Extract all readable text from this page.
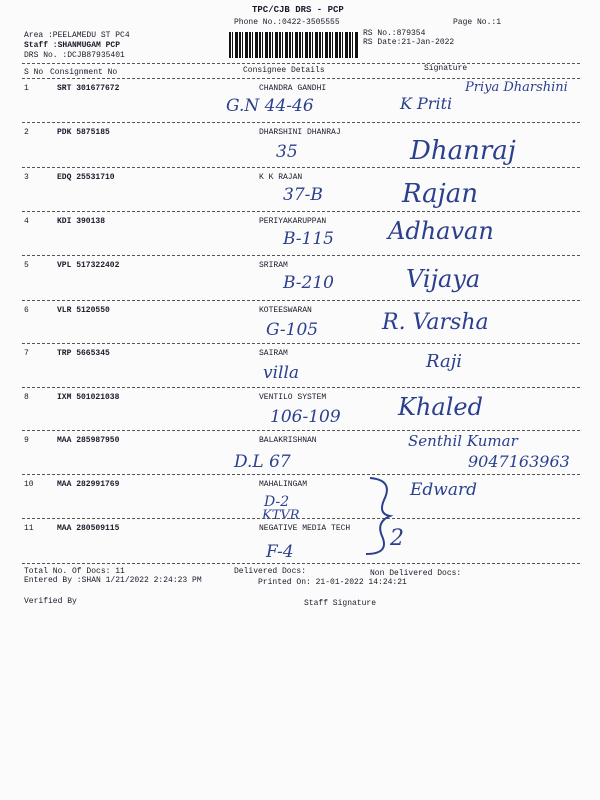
TPC/CJB DRS - PCP
Phone No.:0422-3505555	Page No.:1
RS No.:879354
RS Date:21-Jan-2022
Area :PEELAMEDU ST PC4
Staff :SHANMUGAM PCP
DRS No. :DCJB87935401
S No Consignment No	Consignee Details	Signature
1	SRT 301677672	CHANDRA GANDHI
G.N 44-46	K Priti
Priya Dharshini
2	PDK 5875185	DHARSHINI DHANRAJ
35	Dhanraj
3	EDQ 25531710	K K RAJAN
37-B	Rajan
4	KDI 390138	PERIYAKARUPPAN
B-115 Adhavan
5	VPL 517322402	SRIRAM
B-210	Vijaya
6	VLR 5120550	KOTEESWARAN
G-105	R. Varsha
7	TRP 5665345	SAIRAM
villa
Raji
8	IXM 501021038	VENTILO SYSTEM
106-109 Khaled
9	MAA 285987950	BALAKRISHNAN
D.L 67
Senthil Kumar
9047163963
10	MAA 282991769	MAHALINGAM
D-2
KTVR
Edward
11	MAA 280509115	NEGATIVE MEDIA TECH
F-4
2
Total No. Of Docs: 11	Delivered Docs:	Non Delivered Docs:
Entered By :SHAN 1/21/2022 2:24:23 PM	Printed On: 21-01-2022 14:24:21
Verified By	Staff Signature
